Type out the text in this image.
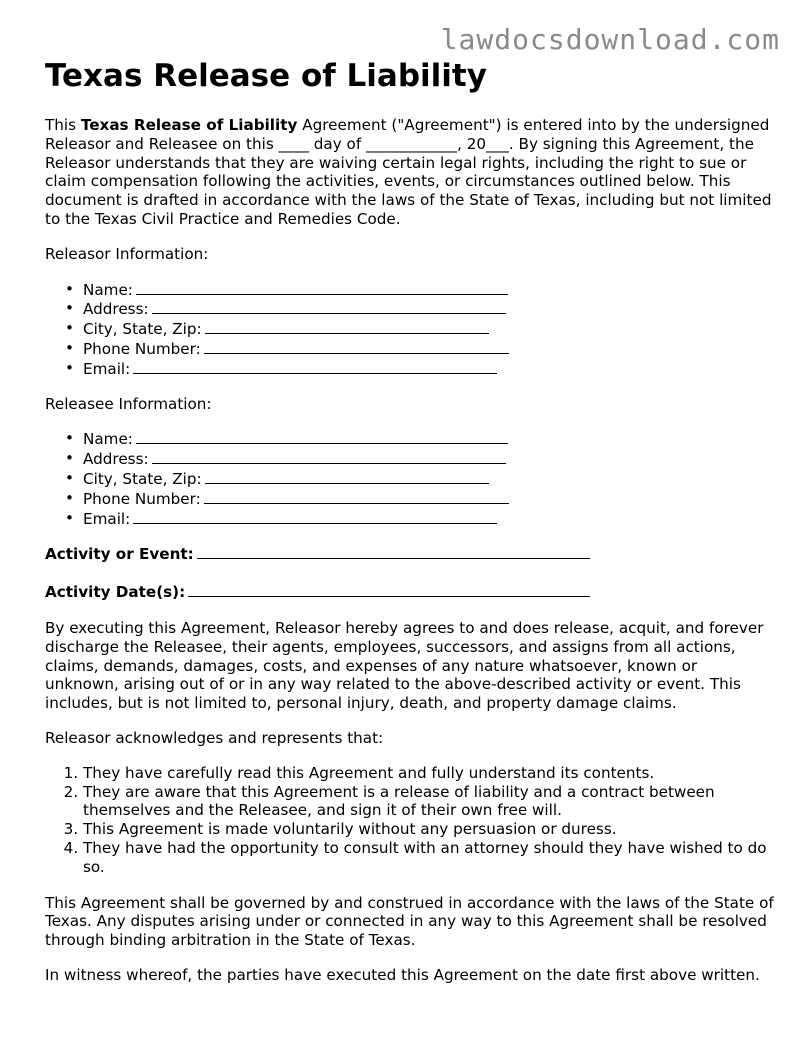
lawdocsdownload.com
Texas Release of Liability

This Texas Release of Liability Agreement ("Agreement") is entered into by the undersigned Releasor and Releasee on this ____ day of ____________, 20___. By signing this Agreement, the Releasor understands that they are waiving certain legal rights, including the right to sue or claim compensation following the activities, events, or circumstances outlined below. This document is drafted in accordance with the laws of the State of Texas, including but not limited to the Texas Civil Practice and Remedies Code.

Releasor Information:

• Name:
• Address:
• City, State, Zip:
• Phone Number:
• Email:

Releasee Information:

• Name:
• Address:
• City, State, Zip:
• Phone Number:
• Email:

Activity or Event:

Activity Date(s):

By executing this Agreement, Releasor hereby agrees to and does release, acquit, and forever discharge the Releasee, their agents, employees, successors, and assigns from all actions, claims, demands, damages, costs, and expenses of any nature whatsoever, known or unknown, arising out of or in any way related to the above-described activity or event. This includes, but is not limited to, personal injury, death, and property damage claims.

Releasor acknowledges and represents that:

1. They have carefully read this Agreement and fully understand its contents.
2. They are aware that this Agreement is a release of liability and a contract between themselves and the Releasee, and sign it of their own free will.
3. This Agreement is made voluntarily without any persuasion or duress.
4. They have had the opportunity to consult with an attorney should they have wished to do so.

This Agreement shall be governed by and construed in accordance with the laws of the State of Texas. Any disputes arising under or connected in any way to this Agreement shall be resolved through binding arbitration in the State of Texas.

In witness whereof, the parties have executed this Agreement on the date first above written.
